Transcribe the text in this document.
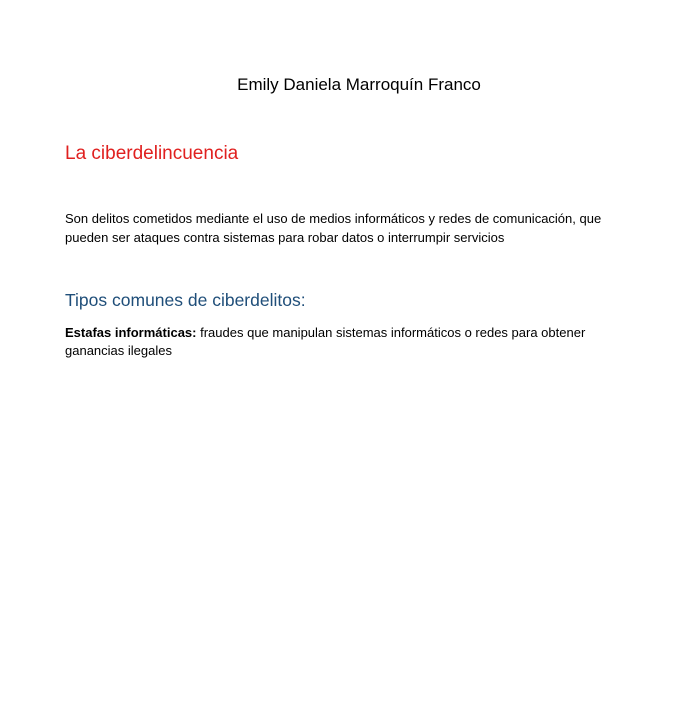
Emily Daniela Marroquín Franco

La ciberdelincuencia

Son delitos cometidos mediante el uso de medios informáticos y redes de comunicación, que pueden ser ataques contra sistemas para robar datos o interrumpir servicios

Tipos comunes de ciberdelitos:

Estafas informáticas: fraudes que manipulan sistemas informáticos o redes para obtener ganancias ilegales
